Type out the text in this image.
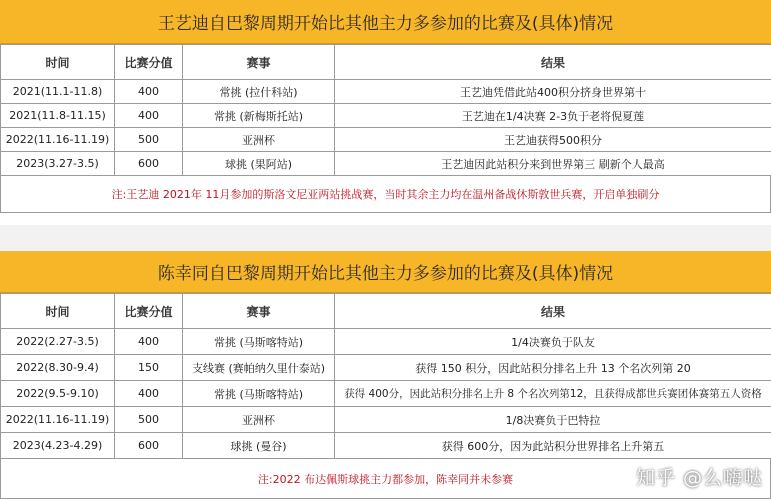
王艺迪自巴黎周期开始比其他主力多参加的比赛及(具体)情况
时间	比赛分值	赛事	结果
2021(11.1-11.8)	400	常挑 (拉什科站)	王艺迪凭借此站400积分挤身世界第十
2021(11.8-11.15)	400	常挑 (新梅斯托站)	王艺迪在1/4决赛 2-3负于老将倪夏莲
2022(11.16-11.19)	500	亚洲杯	王艺迪获得500积分
2023(3.27-3.5)	600	球挑 (果阿站)	王艺迪因此站积分来到世界第三 刷新个人最高
注:王艺迪 2021年 11月参加的斯洛文尼亚两站挑战赛，当时其余主力均在温州备战休斯敦世兵赛，开启单独刷分
陈幸同自巴黎周期开始比其他主力多参加的比赛及(具体)情况
时间	比赛分值	赛事	结果
2022(2.27-3.5)	400	常挑 (马斯喀特站)	1/4决赛负于队友
2022(8.30-9.4)	150	支线赛 (赛帕纳久里什泰站)	获得 150 积分，因此站积分排名上升 13 个名次列第 20
2022(9.5-9.10)	400	常挑 (马斯喀特站)	获得 400分，因此站积分排名上升 8 个名次列第12，且获得成都世兵赛团体赛第五人资格
2022(11.16-11.19)	500	亚洲杯	1/8决赛负于巴特拉
2023(4.23-4.29)	600	球挑 (曼谷)	获得 600分，因为此站积分世界排名上升第五
注:2022 布达佩斯球挑主力都参加，陈幸同并未参赛	知乎 @么嗨哒
